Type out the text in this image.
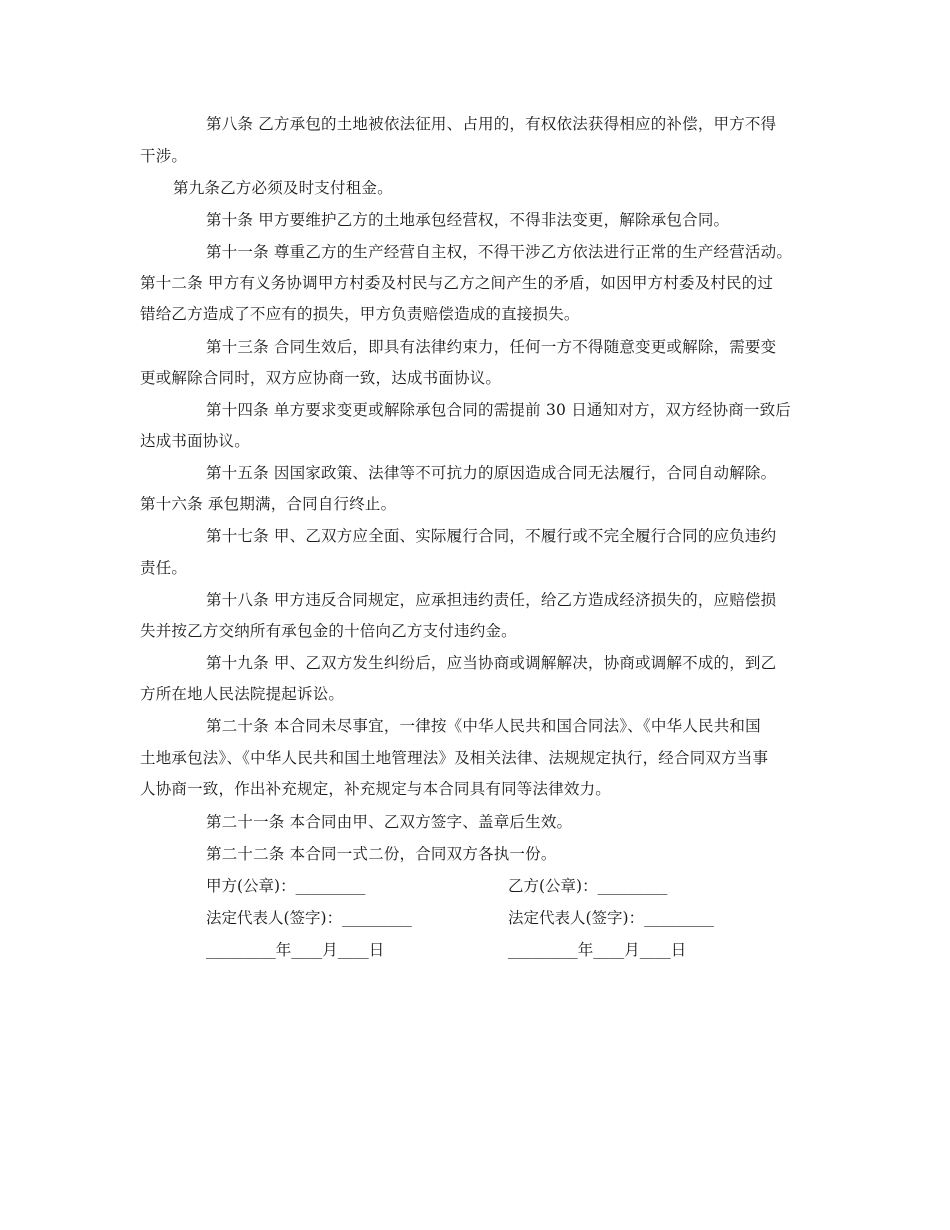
第八条 乙方承包的土地被依法征用、占用的，有权依法获得相应的补偿，甲方不得
干涉。
第九条乙方必须及时支付租金。
第十条 甲方要维护乙方的土地承包经营权，不得非法变更，解除承包合同。
第十一条 尊重乙方的生产经营自主权，不得干涉乙方依法进行正常的生产经营活动。
第十二条 甲方有义务协调甲方村委及村民与乙方之间产生的矛盾，如因甲方村委及村民的过
错给乙方造成了不应有的损失，甲方负责赔偿造成的直接损失。
第十三条 合同生效后，即具有法律约束力，任何一方不得随意变更或解除，需要变
更或解除合同时，双方应协商一致，达成书面协议。
第十四条 单方要求变更或解除承包合同的需提前 30 日通知对方，双方经协商一致后
达成书面协议。
第十五条 因国家政策、法律等不可抗力的原因造成合同无法履行，合同自动解除。
第十六条 承包期满，合同自行终止。
第十七条 甲、乙双方应全面、实际履行合同，不履行或不完全履行合同的应负违约
责任。
第十八条 甲方违反合同规定，应承担违约责任，给乙方造成经济损失的，应赔偿损
失并按乙方交纳所有承包金的十倍向乙方支付违约金。
第十九条 甲、乙双方发生纠纷后，应当协商或调解解决，协商或调解不成的，到乙
方所在地人民法院提起诉讼。
第二十条 本合同未尽事宜，一律按《中华人民共和国合同法》、《中华人民共和国
土地承包法》、《中华人民共和国土地管理法》及相关法律、法规规定执行，经合同双方当事
人协商一致，作出补充规定，补充规定与本合同具有同等法律效力。
第二十一条 本合同由甲、乙双方签字、盖章后生效。
第二十二条 本合同一式二份，合同双方各执一份。
甲方(公章)：_________	乙方(公章)：_________
法定代表人(签字)：_________	法定代表人(签字)：_________
_________年____月____日	_________年____月____日
